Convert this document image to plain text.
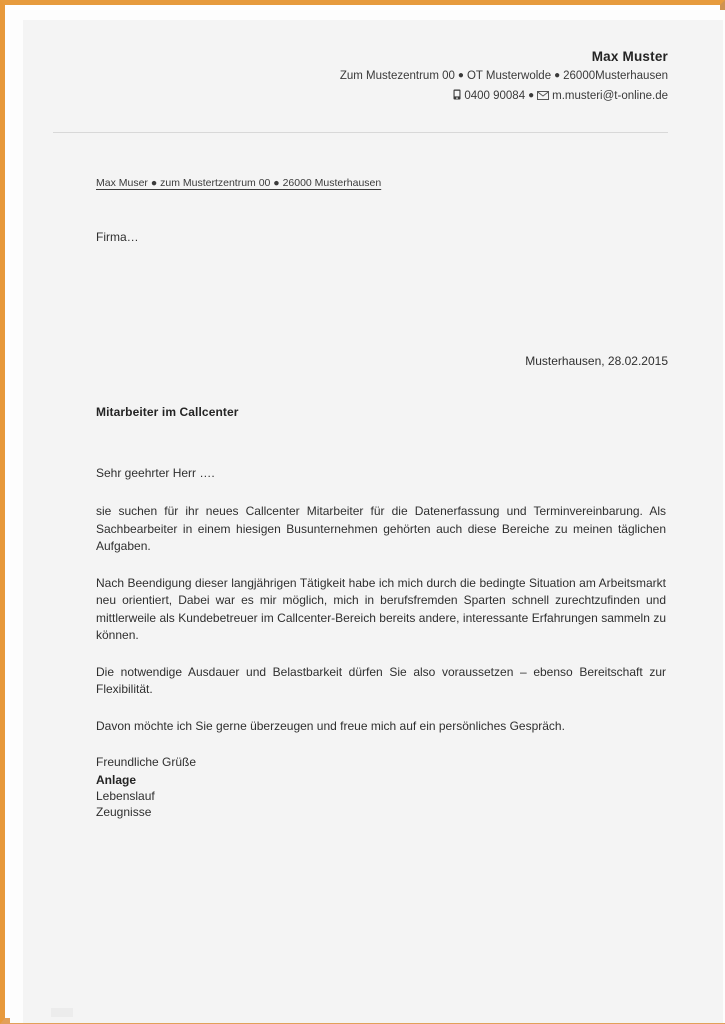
Max Muster
Zum Mustezentrum 00 ● OT Musterwolde ● 26000Musterhausen
0400 90084 ● m.musteri@t-online.de
Max Muser ● zum Mustertzentrum 00 ● 26000 Musterhausen
Firma…
Musterhausen, 28.02.2015
Mitarbeiter im Callcenter

Sehr geehrter Herr ….

sie suchen für ihr neues Callcenter Mitarbeiter für die Datenerfassung und Terminvereinbarung. Als Sachbearbeiter in einem hiesigen Busunternehmen gehörten auch diese Bereiche zu meinen täglichen Aufgaben.

Nach Beendigung dieser langjährigen Tätigkeit habe ich mich durch die bedingte Situation am Arbeitsmarkt neu orientiert, Dabei war es mir möglich, mich in berufsfremden Sparten schnell zurechtzufinden und mittlerweile als Kundebetreuer im Callcenter-Bereich bereits andere, interessante Erfahrungen sammeln zu können.

Die notwendige Ausdauer und Belastbarkeit dürfen Sie also voraussetzen – ebenso Bereitschaft zur Flexibilität.

Davon möchte ich Sie gerne überzeugen und freue mich auf ein persönliches Gespräch.

Freundliche Grüße

Anlage
Lebenslauf
Zeugnisse
